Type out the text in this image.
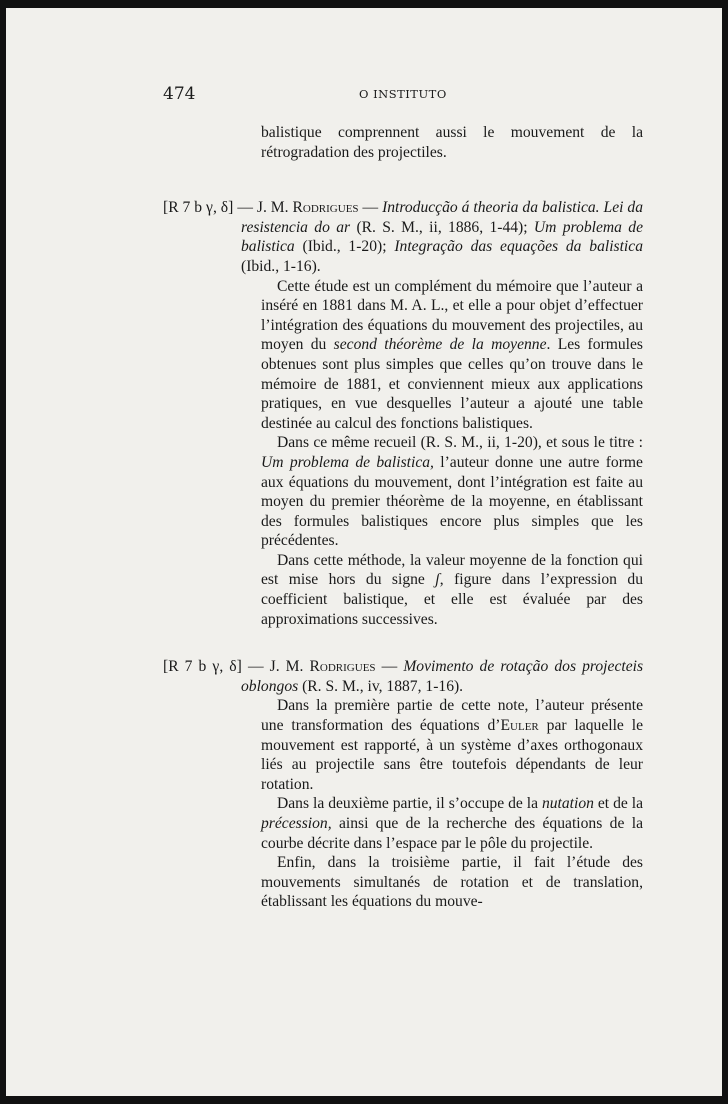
474	O INSTITUTO

balistique comprennent aussi le mouvement de la rétrogradation des projectiles.

[R 7 b γ, δ] — J. M. Rodrigues — Introducção á theoria da balistica. Lei da resistencia do ar (R. S. M., ii, 1886, 1-44); Um problema de balistica (Ibid., 1-20); Integração das equações da balistica (Ibid., 1-16).

Cette étude est un complément du mémoire que l’auteur a inséré en 1881 dans M. A. L., et elle a pour objet d’effectuer l’intégration des équations du mouvement des projectiles, au moyen du second théorème de la moyenne. Les formules obtenues sont plus simples que celles qu’on trouve dans le mémoire de 1881, et conviennent mieux aux applications pratiques, en vue desquelles l’auteur a ajouté une table destinée au calcul des fonctions balistiques.

Dans ce même recueil (R. S. M., ii, 1-20), et sous le titre : Um problema de balistica, l’auteur donne une autre forme aux équations du mouvement, dont l’intégration est faite au moyen du premier théorème de la moyenne, en établissant des formules balistiques encore plus simples que les précédentes.

Dans cette méthode, la valeur moyenne de la fonction qui est mise hors du signe ʃ, figure dans l’expression du coefficient balistique, et elle est évaluée par des approximations successives.

[R 7 b γ, δ] — J. M. Rodrigues — Movimento de rotação dos projecteis oblongos (R. S. M., iv, 1887, 1-16).

Dans la première partie de cette note, l’auteur présente une transformation des équations d’Euler par laquelle le mouvement est rapporté, à un système d’axes orthogonaux liés au projectile sans être toutefois dépendants de leur rotation.

Dans la deuxième partie, il s’occupe de la nutation et de la précession, ainsi que de la recherche des équations de la courbe décrite dans l’espace par le pôle du projectile.

Enfin, dans la troisième partie, il fait l’étude des mouvements simultanés de rotation et de translation, établissant les équations du mouve-
